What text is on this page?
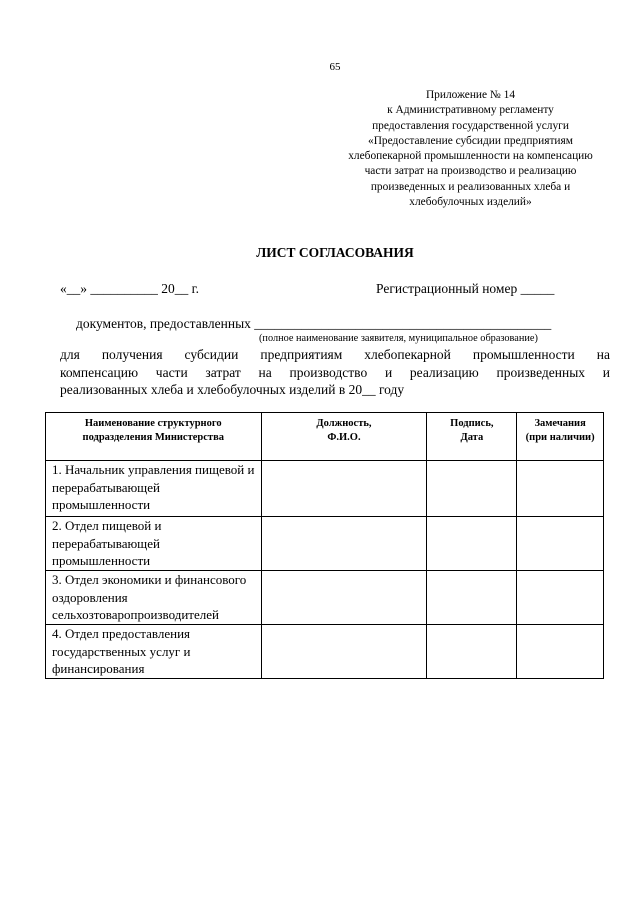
65
Приложение № 14
к Административному регламенту
предоставления государственной услуги
«Предоставление субсидии предприятиям
хлебопекарной промышленности на компенсацию
части затрат на производство и реализацию
произведенных и реализованных хлеба и
хлебобулочных изделий»
ЛИСТ СОГЛАСОВАНИЯ
«__» __________ 20__ г.	Регистрационный номер _____
документов, предоставленных ____________________________________________
(полное наименование заявителя, муниципальное образование)
для получения субсидии предприятиям хлебопекарной промышленности на
компенсацию части затрат на производство и реализацию произведенных и
реализованных хлеба и хлебобулочных изделий в 20__ году
Наименование структурного подразделения Министерства	Должность, Ф.И.О.	Подпись, Дата	Замечания (при наличии)
1. Начальник управления пищевой и перерабатывающей промышленности			
2. Отдел пищевой и перерабатывающей промышленности			
3. Отдел экономики и финансового оздоровления сельхозтоваропроизводителей			
4. Отдел предоставления государственных услуг и финансирования			
